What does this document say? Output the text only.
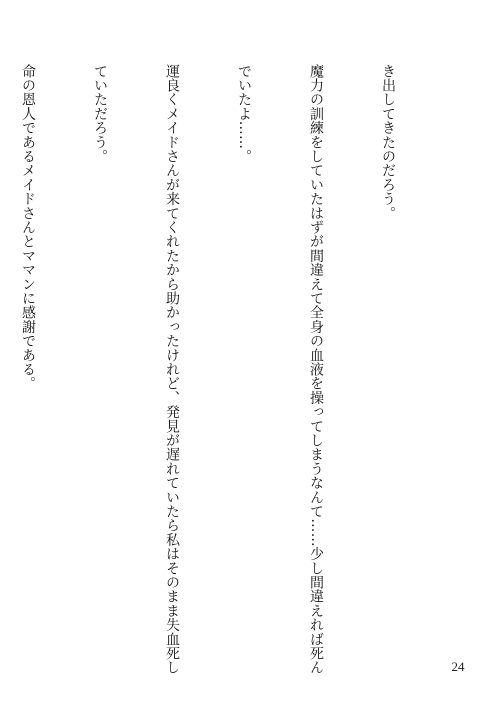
き出してきたのだろう。

魔力の訓練をしていたはずが間違えて全身の血液を操ってしまうなんて……少し間違えれば死ん

でいたよ……。

運良くメイドさんが来てくれたから助かったけれど、発見が遅れていたら私はそのまま失血死し

ていただろう。

命の恩人であるメイドさんとママンに感謝である。

24
